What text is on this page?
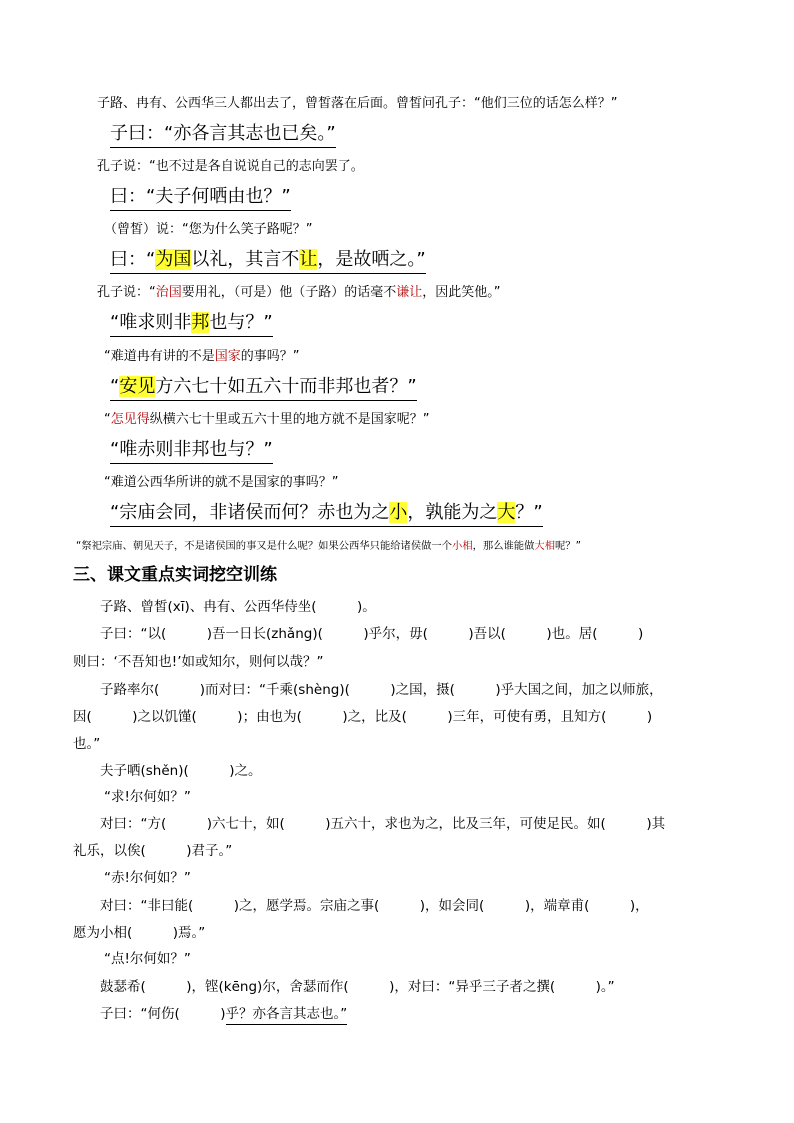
子路、冉有、公西华三人都出去了，曾皙落在后面。曾皙问孔子：“他们三位的话怎么样？”
子曰：“亦各言其志也已矣。”
孔子说：“也不过是各自说说自己的志向罢了。
曰：“夫子何哂由也？”
（曾皙）说：“您为什么笑子路呢？”
曰：“为国以礼，其言不让，是故哂之。”
孔子说：“治国要用礼，（可是）他（子路）的话毫不谦让，因此笑他。”
“唯求则非邦也与？”
“难道冉有讲的不是国家的事吗？”
“安见方六七十如五六十而非邦也者？”
“怎见得纵横六七十里或五六十里的地方就不是国家呢？”
“唯赤则非邦也与？”
“难道公西华所讲的就不是国家的事吗？”
“宗庙会同，非诸侯而何？赤也为之小，孰能为之大？”
“祭祀宗庙、朝见天子，不是诸侯国的事又是什么呢？如果公西华只能给诸侯做一个小相，那么谁能做大相呢？”
三、课文重点实词挖空训练
子路、曾皙(xī)、冉有、公西华侍坐(　　　)。
子曰：“以(　　　)吾一日长(zhǎng)(　　　)乎尔，毋(　　　)吾以(　　　)也。居(　　　)
则曰：‘不吾知也!’如或知尔，则何以哉？”
子路率尔(　　　)而对曰：“千乘(shèng)(　　　)之国，摄(　　　)乎大国之间，加之以师旅，
因(　　　)之以饥馑(　　　)；由也为(　　　)之，比及(　　　)三年，可使有勇，且知方(　　　)
也。”
夫子哂(shěn)(　　　)之。
“求!尔何如？”
对曰：“方(　　　)六七十，如(　　　)五六十，求也为之，比及三年，可使足民。如(　　　)其
礼乐，以俟(　　　)君子。”
“赤!尔何如？”
对曰：“非曰能(　　　)之，愿学焉。宗庙之事(　　　)，如会同(　　　)，端章甫(　　　)，
愿为小相(　　　)焉。”
“点!尔何如？”
鼓瑟希(　　　)，铿(kēng)尔，舍瑟而作(　　　)，对曰：“异乎三子者之撰(　　　)。”
子曰：“何伤(　　　)乎？亦各言其志也。”
